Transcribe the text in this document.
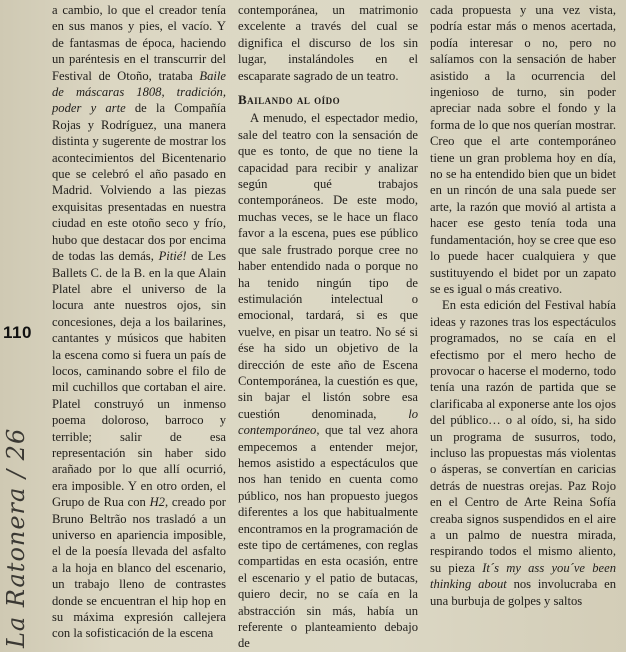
110
La Ratonera / 26

a cambio, lo que el creador tenía en sus manos y pies, el vacío. Y de fantasmas de época, haciendo un paréntesis en el transcurrir del Festival de Otoño, trataba Baile de máscaras 1808, tradición, poder y arte de la Compañía Rojas y Rodríguez, una manera distinta y sugerente de mostrar los acontecimientos del Bicentenario que se celebró el año pasado en Madrid. Volviendo a las piezas exquisitas presentadas en nuestra ciudad en este otoño seco y frío, hubo que destacar dos por encima de todas las demás, Pitié! de Les Ballets C. de la B. en la que Alain Platel abre el universo de la locura ante nuestros ojos, sin concesiones, deja a los bailarines, cantantes y músicos que habiten la escena como si fuera un país de locos, caminando sobre el filo de mil cuchillos que cortaban el aire. Platel construyó un inmenso poema doloroso, barroco y terrible; salir de esa representación sin haber sido arañado por lo que allí ocurrió, era imposible. Y en otro orden, el Grupo de Rua con H2, creado por Bruno Beltrão nos trasladó a un universo en apariencia imposible, el de la poesía llevada del asfalto a la hoja en blanco del escenario, un trabajo lleno de contrastes donde se encuentran el hip hop en su máxima expresión callejera con la sofisticación de la escena

contemporánea, un matrimonio excelente a través del cual se dignifica el discurso de los sin lugar, instalándoles en el escaparate sagrado de un teatro.

Bailando al oído

A menudo, el espectador medio, sale del teatro con la sensación de que es tonto, de que no tiene la capacidad para recibir y analizar según qué trabajos contemporáneos. De este modo, muchas veces, se le hace un flaco favor a la escena, pues ese público que sale frustrado porque cree no haber entendido nada o porque no ha tenido ningún tipo de estimulación intelectual o emocional, tardará, si es que vuelve, en pisar un teatro. No sé si ése ha sido un objetivo de la dirección de este año de Escena Contemporánea, la cuestión es que, sin bajar el listón sobre esa cuestión denominada, lo contemporáneo, que tal vez ahora empecemos a entender mejor, hemos asistido a espectáculos que nos han tenido en cuenta como público, nos han propuesto juegos diferentes a los que habitualmente encontramos en la programación de este tipo de certámenes, con reglas compartidas en esta ocasión, entre el escenario y el patio de butacas, quiero decir, no se caía en la abstracción sin más, había un referente o planteamiento debajo de

cada propuesta y una vez vista, podría estar más o menos acertada, podía interesar o no, pero no salíamos con la sensación de haber asistido a la ocurrencia del ingenioso de turno, sin poder apreciar nada sobre el fondo y la forma de lo que nos querían mostrar. Creo que el arte contemporáneo tiene un gran problema hoy en día, no se ha entendido bien que un bidet en un rincón de una sala puede ser arte, la razón que movió al artista a hacer ese gesto tenía toda una fundamentación, hoy se cree que eso lo puede hacer cualquiera y que sustituyendo el bidet por un zapato se es igual o más creativo.

En esta edición del Festival había ideas y razones tras los espectáculos programados, no se caía en el efectismo por el mero hecho de provocar o hacerse el moderno, todo tenía una razón de partida que se clarificaba al exponerse ante los ojos del público… o al oído, si, ha sido un programa de susurros, todo, incluso las propuestas más violentas o ásperas, se convertían en caricias detrás de nuestras orejas. Paz Rojo en el Centro de Arte Reina Sofía creaba signos suspendidos en el aire a un palmo de nuestra mirada, respirando todos el mismo aliento, su pieza It´s my ass you´ve been thinking about nos involucraba en una burbuja de golpes y saltos
